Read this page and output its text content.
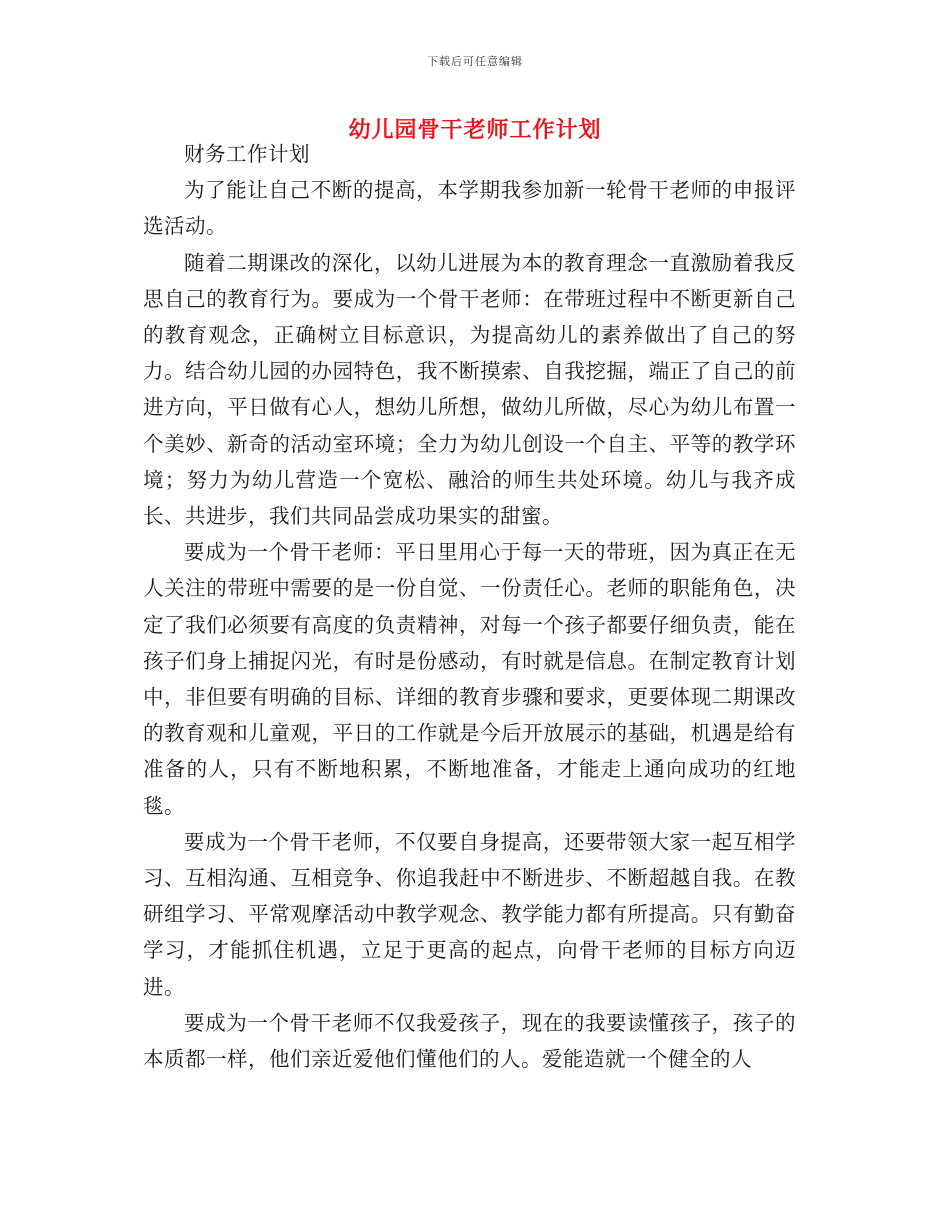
下载后可任意编辑
幼儿园骨干老师工作计划

财务工作计划

为了能让自己不断的提高，本学期我参加新一轮骨干老师的申报评选活动。

随着二期课改的深化，以幼儿进展为本的教育理念一直激励着我反思自己的教育行为。要成为一个骨干老师：在带班过程中不断更新自己的教育观念，正确树立目标意识，为提高幼儿的素养做出了自己的努力。结合幼儿园的办园特色，我不断摸索、自我挖掘，端正了自己的前进方向，平日做有心人，想幼儿所想，做幼儿所做，尽心为幼儿布置一个美妙、新奇的活动室环境；全力为幼儿创设一个自主、平等的教学环境；努力为幼儿营造一个宽松、融洽的师生共处环境。幼儿与我齐成长、共进步，我们共同品尝成功果实的甜蜜。

要成为一个骨干老师：平日里用心于每一天的带班，因为真正在无人关注的带班中需要的是一份自觉、一份责任心。老师的职能角色，决定了我们必须要有高度的负责精神，对每一个孩子都要仔细负责，能在孩子们身上捕捉闪光，有时是份感动，有时就是信息。在制定教育计划中，非但要有明确的目标、详细的教育步骤和要求，更要体现二期课改的教育观和儿童观，平日的工作就是今后开放展示的基础，机遇是给有准备的人，只有不断地积累，不断地准备，才能走上通向成功的红地毯。

要成为一个骨干老师，不仅要自身提高，还要带领大家一起互相学习、互相沟通、互相竞争、你追我赶中不断进步、不断超越自我。在教研组学习、平常观摩活动中教学观念、教学能力都有所提高。只有勤奋学习，才能抓住机遇，立足于更高的起点，向骨干老师的目标方向迈进。

要成为一个骨干老师不仅我爱孩子，现在的我要读懂孩子，孩子的本质都一样，他们亲近爱他们懂他们的人。爱能造就一个健全的人
